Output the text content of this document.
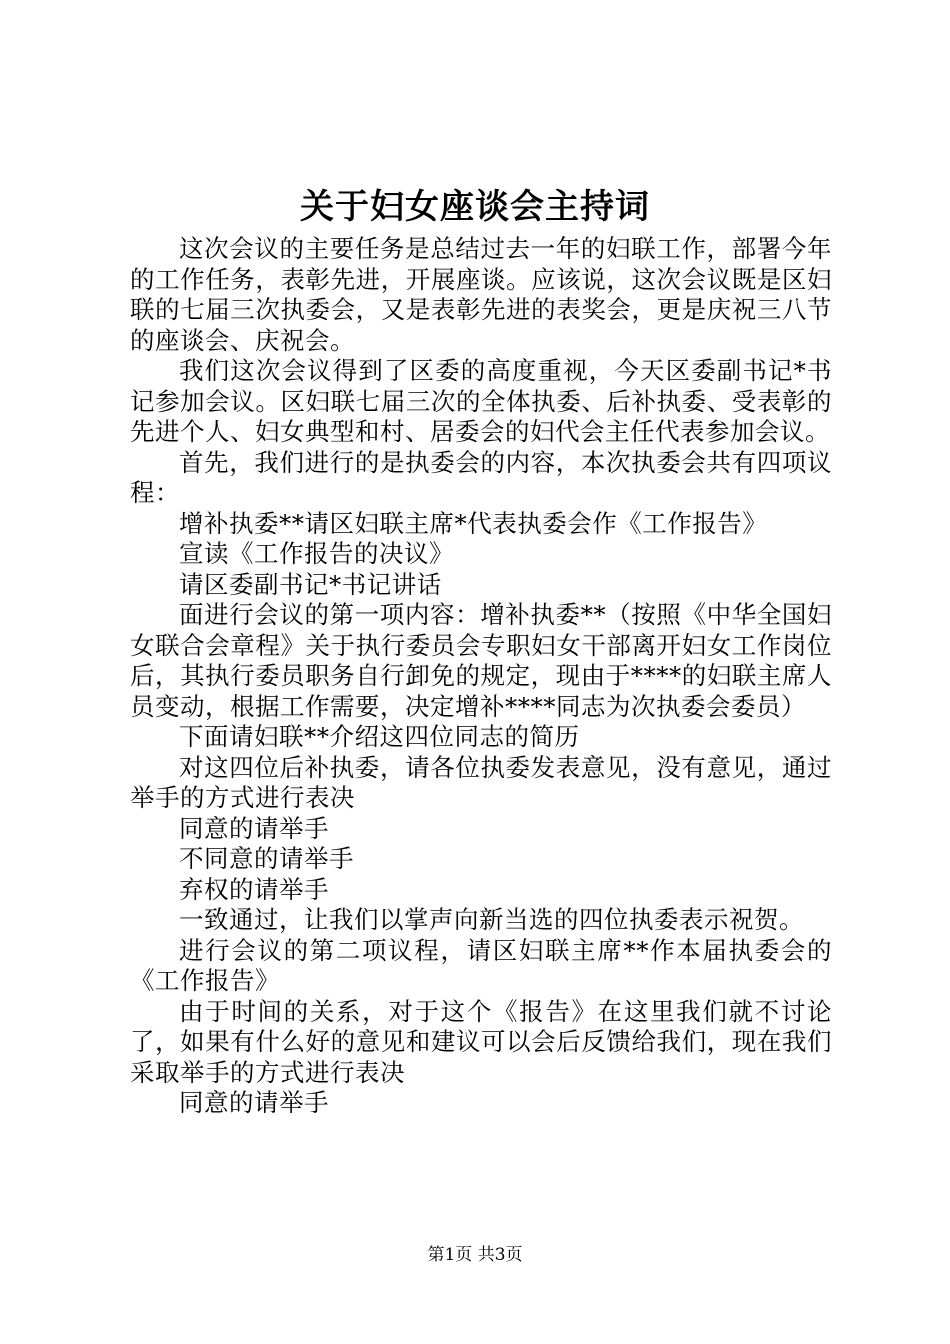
关于妇女座谈会主持词

这次会议的主要任务是总结过去一年的妇联工作，部署今年的工作任务，表彰先进，开展座谈。应该说，这次会议既是区妇联的七届三次执委会，又是表彰先进的表奖会，更是庆祝三八节的座谈会、庆祝会。

我们这次会议得到了区委的高度重视，今天区委副书记*书记参加会议。区妇联七届三次的全体执委、后补执委、受表彰的先进个人、妇女典型和村、居委会的妇代会主任代表参加会议。

首先，我们进行的是执委会的内容，本次执委会共有四项议程：

增补执委**请区妇联主席*代表执委会作《工作报告》

宣读《工作报告的决议》

请区委副书记*书记讲话

面进行会议的第一项内容：增补执委**（按照《中华全国妇女联合会章程》关于执行委员会专职妇女干部离开妇女工作岗位后，其执行委员职务自行卸免的规定，现由于****的妇联主席人员变动，根据工作需要，决定增补****同志为次执委会委员）

下面请妇联**介绍这四位同志的简历

对这四位后补执委，请各位执委发表意见，没有意见，通过举手的方式进行表决

同意的请举手

不同意的请举手

弃权的请举手

一致通过，让我们以掌声向新当选的四位执委表示祝贺。

进行会议的第二项议程，请区妇联主席**作本届执委会的《工作报告》

由于时间的关系，对于这个《报告》在这里我们就不讨论了，如果有什么好的意见和建议可以会后反馈给我们，现在我们采取举手的方式进行表决

同意的请举手

第1页 共3页
